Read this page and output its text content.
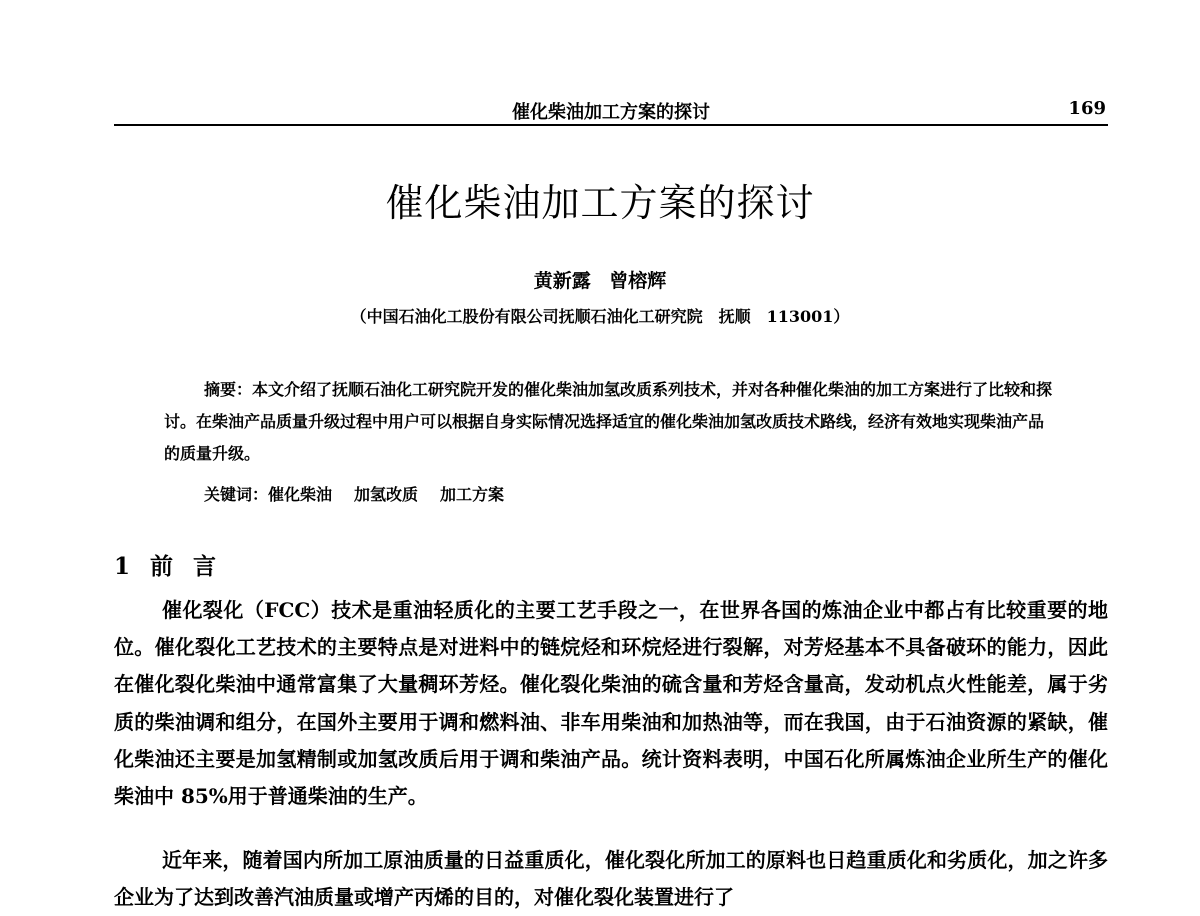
催化柴油加工方案的探讨	169
催化柴油加工方案的探讨
黄新露 曾榕辉
（中国石油化工股份有限公司抚顺石油化工研究院　抚顺　113001）

摘要：本文介绍了抚顺石油化工研究院开发的催化柴油加氢改质系列技术，并对各种催化柴油的加工方案进行了比较和探讨。在柴油产品质量升级过程中用户可以根据自身实际情况选择适宜的催化柴油加氢改质技术路线，经济有效地实现柴油产品的质量升级。

关键词：催化柴油 加氢改质 加工方案
1 前 言

催化裂化（FCC）技术是重油轻质化的主要工艺手段之一，在世界各国的炼油企业中都占有比较重要的地位。催化裂化工艺技术的主要特点是对进料中的链烷烃和环烷烃进行裂解，对芳烃基本不具备破环的能力，因此在催化裂化柴油中通常富集了大量稠环芳烃。催化裂化柴油的硫含量和芳烃含量高，发动机点火性能差，属于劣质的柴油调和组分，在国外主要用于调和燃料油、非车用柴油和加热油等，而在我国，由于石油资源的紧缺，催化柴油还主要是加氢精制或加氢改质后用于调和柴油产品。统计资料表明，中国石化所属炼油企业所生产的催化柴油中 85%用于普通柴油的生产。

近年来，随着国内所加工原油质量的日益重质化，催化裂化所加工的原料也日趋重质化和劣质化，加之许多企业为了达到改善汽油质量或增产丙烯的目的，对催化裂化装置进行了
